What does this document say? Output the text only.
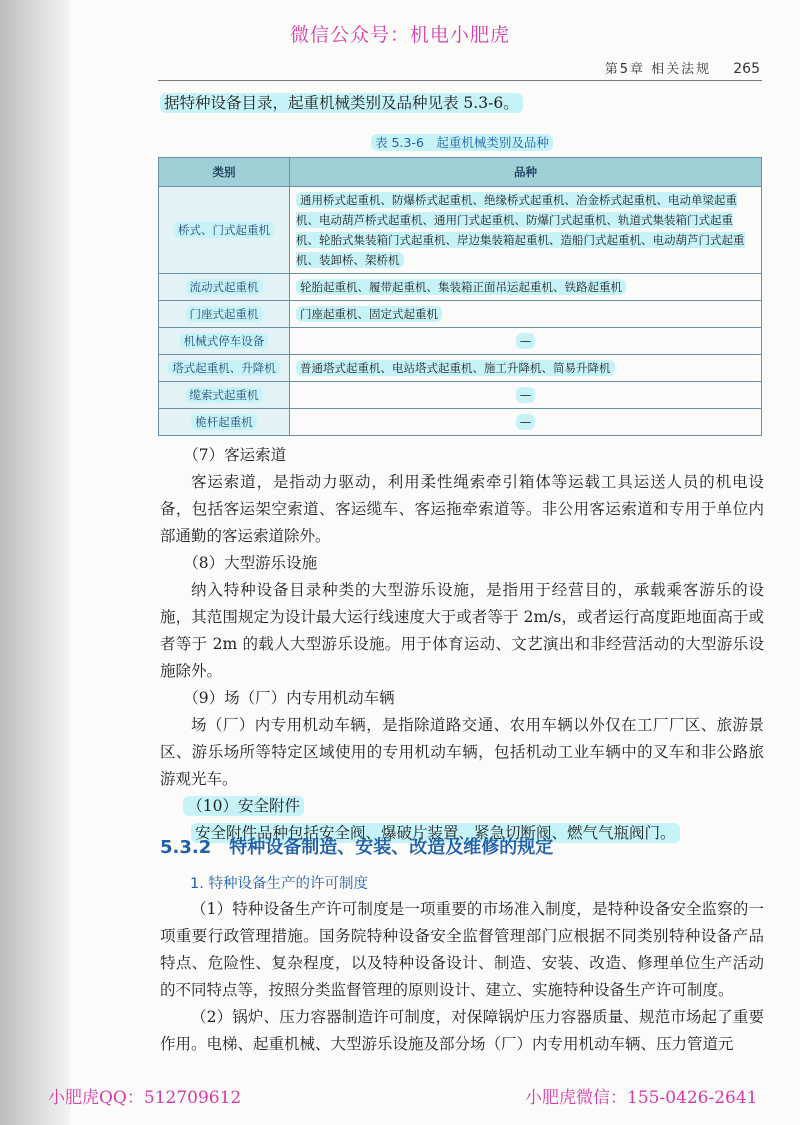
微信公众号：机电小肥虎
第5章 相关法规 265
据特种设备目录，起重机械类别及品种见表 5.3-6。
表 5.3-6　起重机械类别及品种
类别	品种
桥式、门式起重机	通用桥式起重机、防爆桥式起重机、绝缘桥式起重机、冶金桥式起重机、电动单梁起重机、电动葫芦桥式起重机、通用门式起重机、防爆门式起重机、轨道式集装箱门式起重机、轮胎式集装箱门式起重机、岸边集装箱起重机、造船门式起重机、电动葫芦门式起重机、装卸桥、架桥机
流动式起重机	轮胎起重机、履带起重机、集装箱正面吊运起重机、铁路起重机
门座式起重机	门座起重机、固定式起重机
机械式停车设备	—
塔式起重机、升降机	普通塔式起重机、电站塔式起重机、施工升降机、简易升降机
缆索式起重机	—
桅杆起重机	—

（7）客运索道

客运索道，是指动力驱动，利用柔性绳索牵引箱体等运载工具运送人员的机电设备，包括客运架空索道、客运缆车、客运拖牵索道等。非公用客运索道和专用于单位内部通勤的客运索道除外。

（8）大型游乐设施

纳入特种设备目录种类的大型游乐设施，是指用于经营目的，承载乘客游乐的设施，其范围规定为设计最大运行线速度大于或者等于 2m/s，或者运行高度距地面高于或者等于 2m 的载人大型游乐设施。用于体育运动、文艺演出和非经营活动的大型游乐设施除外。

（9）场（厂）内专用机动车辆

场（厂）内专用机动车辆，是指除道路交通、农用车辆以外仅在工厂厂区、旅游景区、游乐场所等特定区域使用的专用机动车辆，包括机动工业车辆中的叉车和非公路旅游观光车。

（10）安全附件

安全附件品种包括安全阀、爆破片装置、紧急切断阀、燃气气瓶阀门。

5.3.2 特种设备制造、安装、改造及维修的规定
1. 特种设备生产的许可制度

（1）特种设备生产许可制度是一项重要的市场准入制度，是特种设备安全监察的一项重要行政管理措施。国务院特种设备安全监督管理部门应根据不同类别特种设备产品特点、危险性、复杂程度，以及特种设备设计、制造、安装、改造、修理单位生产活动的不同特点等，按照分类监督管理的原则设计、建立、实施特种设备生产许可制度。

（2）锅炉、压力容器制造许可制度，对保障锅炉压力容器质量、规范市场起了重要作用。电梯、起重机械、大型游乐设施及部分场（厂）内专用机动车辆、压力管道元

小肥虎QQ：512709612	小肥虎微信：155-0426-2641
